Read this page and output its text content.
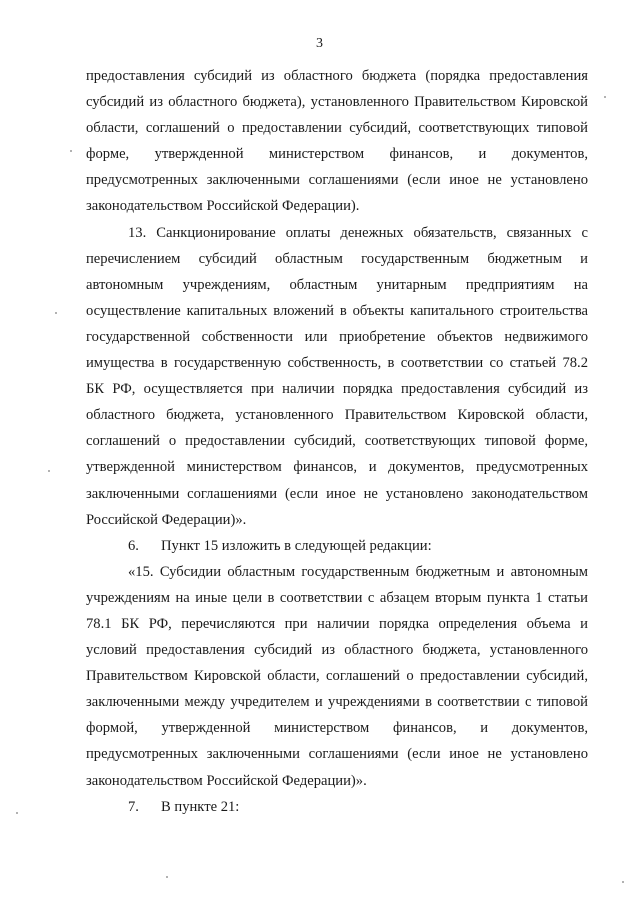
3

предоставления субсидий из областного бюджета (порядка предоставления субсидий из областного бюджета), установленного Правительством Кировской области, соглашений о предоставлении субсидий, соответствующих типовой форме, утвержденной министерством финансов, и документов, предусмотренных заключенными соглашениями (если иное не установлено законодательством Российской Федерации).

13. Санкционирование оплаты денежных обязательств, связанных с перечислением субсидий областным государственным бюджетным и автономным учреждениям, областным унитарным предприятиям на осуществление капитальных вложений в объекты капитального строительства государственной собственности или приобретение объектов недвижимого имущества в государственную собственность, в соответствии со статьей 78.2 БК РФ, осуществляется при наличии порядка предоставления субсидий из областного бюджета, установленного Правительством Кировской области, соглашений о предоставлении субсидий, соответствующих типовой форме, утвержденной министерством финансов, и документов, предусмотренных заключенными соглашениями (если иное не установлено законодательством Российской Федерации)».

6. Пункт 15 изложить в следующей редакции:

«15. Субсидии областным государственным бюджетным и автономным учреждениям на иные цели в соответствии с абзацем вторым пункта 1 статьи 78.1 БК РФ, перечисляются при наличии порядка определения объема и условий предоставления субсидий из областного бюджета, установленного Правительством Кировской области, соглашений о предоставлении субсидий, заключенными между учредителем и учреждениями в соответствии с типовой формой, утвержденной министерством финансов, и документов, предусмотренных заключенными соглашениями (если иное не установлено законодательством Российской Федерации)».

7. В пункте 21:
